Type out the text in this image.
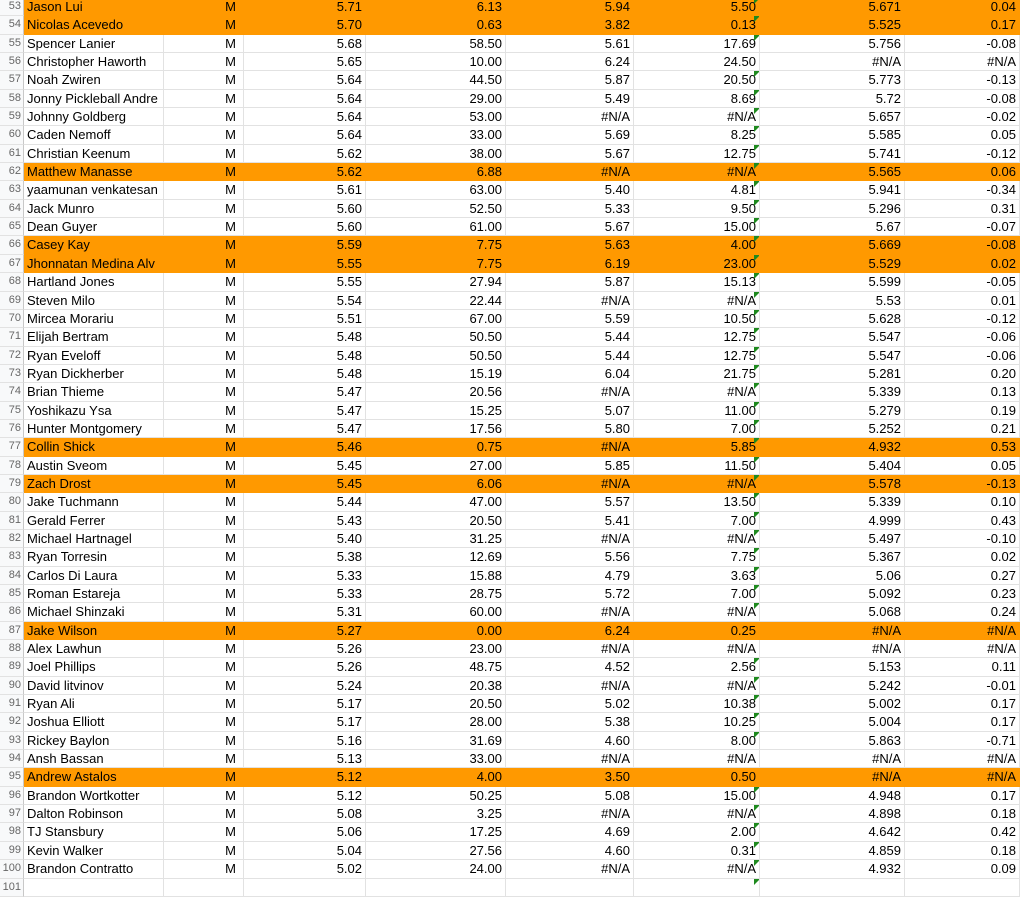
53 Jason Lui	M	5.71	6.13	5.94	5.50	5.671	0.04
54 Nicolas Acevedo	M	5.70	0.63	3.82	0.13	5.525	0.17
55 Spencer Lanier	M	5.68	58.50	5.61	17.69	5.756	-0.08
56 Christopher Haworth	M	5.65	10.00	6.24	24.50	#N/A	#N/A
57 Noah Zwiren	M	5.64	44.50	5.87	20.50	5.773	-0.13
58 Jonny Pickleball Andre	M	5.64	29.00	5.49	8.69	5.72	-0.08
59 Johnny Goldberg	M	5.64	53.00	#N/A	#N/A	5.657	-0.02
60 Caden Nemoff	M	5.64	33.00	5.69	8.25	5.585	0.05
61 Christian Keenum	M	5.62	38.00	5.67	12.75	5.741	-0.12
62 Matthew Manasse	M	5.62	6.88	#N/A	#N/A	5.565	0.06
63 yaamunan venkatesan	M	5.61	63.00	5.40	4.81	5.941	-0.34
64 Jack Munro	M	5.60	52.50	5.33	9.50	5.296	0.31
65 Dean Guyer	M	5.60	61.00	5.67	15.00	5.67	-0.07
66 Casey Kay	M	5.59	7.75	5.63	4.00	5.669	-0.08
67 Jhonnatan Medina Alv	M	5.55	7.75	6.19	23.00	5.529	0.02
68 Hartland Jones	M	5.55	27.94	5.87	15.13	5.599	-0.05
69 Steven Milo	M	5.54	22.44	#N/A	#N/A	5.53	0.01
70 Mircea Morariu	M	5.51	67.00	5.59	10.50	5.628	-0.12
71 Elijah Bertram	M	5.48	50.50	5.44	12.75	5.547	-0.06
72 Ryan Eveloff	M	5.48	50.50	5.44	12.75	5.547	-0.06
73 Ryan Dickherber	M	5.48	15.19	6.04	21.75	5.281	0.20
74 Brian Thieme	M	5.47	20.56	#N/A	#N/A	5.339	0.13
75 Yoshikazu Ysa	M	5.47	15.25	5.07	11.00	5.279	0.19
76 Hunter Montgomery	M	5.47	17.56	5.80	7.00	5.252	0.21
77 Collin Shick	M	5.46	0.75	#N/A	5.85	4.932	0.53
78 Austin Sveom	M	5.45	27.00	5.85	11.50	5.404	0.05
79 Zach Drost	M	5.45	6.06	#N/A	#N/A	5.578	-0.13
80 Jake Tuchmann	M	5.44	47.00	5.57	13.50	5.339	0.10
81 Gerald Ferrer	M	5.43	20.50	5.41	7.00	4.999	0.43
82 Michael Hartnagel	M	5.40	31.25	#N/A	#N/A	5.497	-0.10
83 Ryan Torresin	M	5.38	12.69	5.56	7.75	5.367	0.02
84 Carlos Di Laura	M	5.33	15.88	4.79	3.63	5.06	0.27
85 Roman Estareja	M	5.33	28.75	5.72	7.00	5.092	0.23
86 Michael Shinzaki	M	5.31	60.00	#N/A	#N/A	5.068	0.24
87 Jake Wilson	M	5.27	0.00	6.24	0.25	#N/A	#N/A
88 Alex Lawhun	M	5.26	23.00	#N/A	#N/A	#N/A	#N/A
89 Joel Phillips	M	5.26	48.75	4.52	2.56	5.153	0.11
90 David litvinov	M	5.24	20.38	#N/A	#N/A	5.242	-0.01
91 Ryan Ali	M	5.17	20.50	5.02	10.38	5.002	0.17
92 Joshua Elliott	M	5.17	28.00	5.38	10.25	5.004	0.17
93 Rickey Baylon	M	5.16	31.69	4.60	8.00	5.863	-0.71
94 Ansh Bassan	M	5.13	33.00	#N/A	#N/A	#N/A	#N/A
95 Andrew Astalos	M	5.12	4.00	3.50	0.50	#N/A	#N/A
96 Brandon Wortkotter	M	5.12	50.25	5.08	15.00	4.948	0.17
97 Dalton Robinson	M	5.08	3.25	#N/A	#N/A	4.898	0.18
98 TJ Stansbury	M	5.06	17.25	4.69	2.00	4.642	0.42
99 Kevin Walker	M	5.04	27.56	4.60	0.31	4.859	0.18
100 Brandon Contratto	M	5.02	24.00	#N/A	#N/A	4.932	0.09
101
